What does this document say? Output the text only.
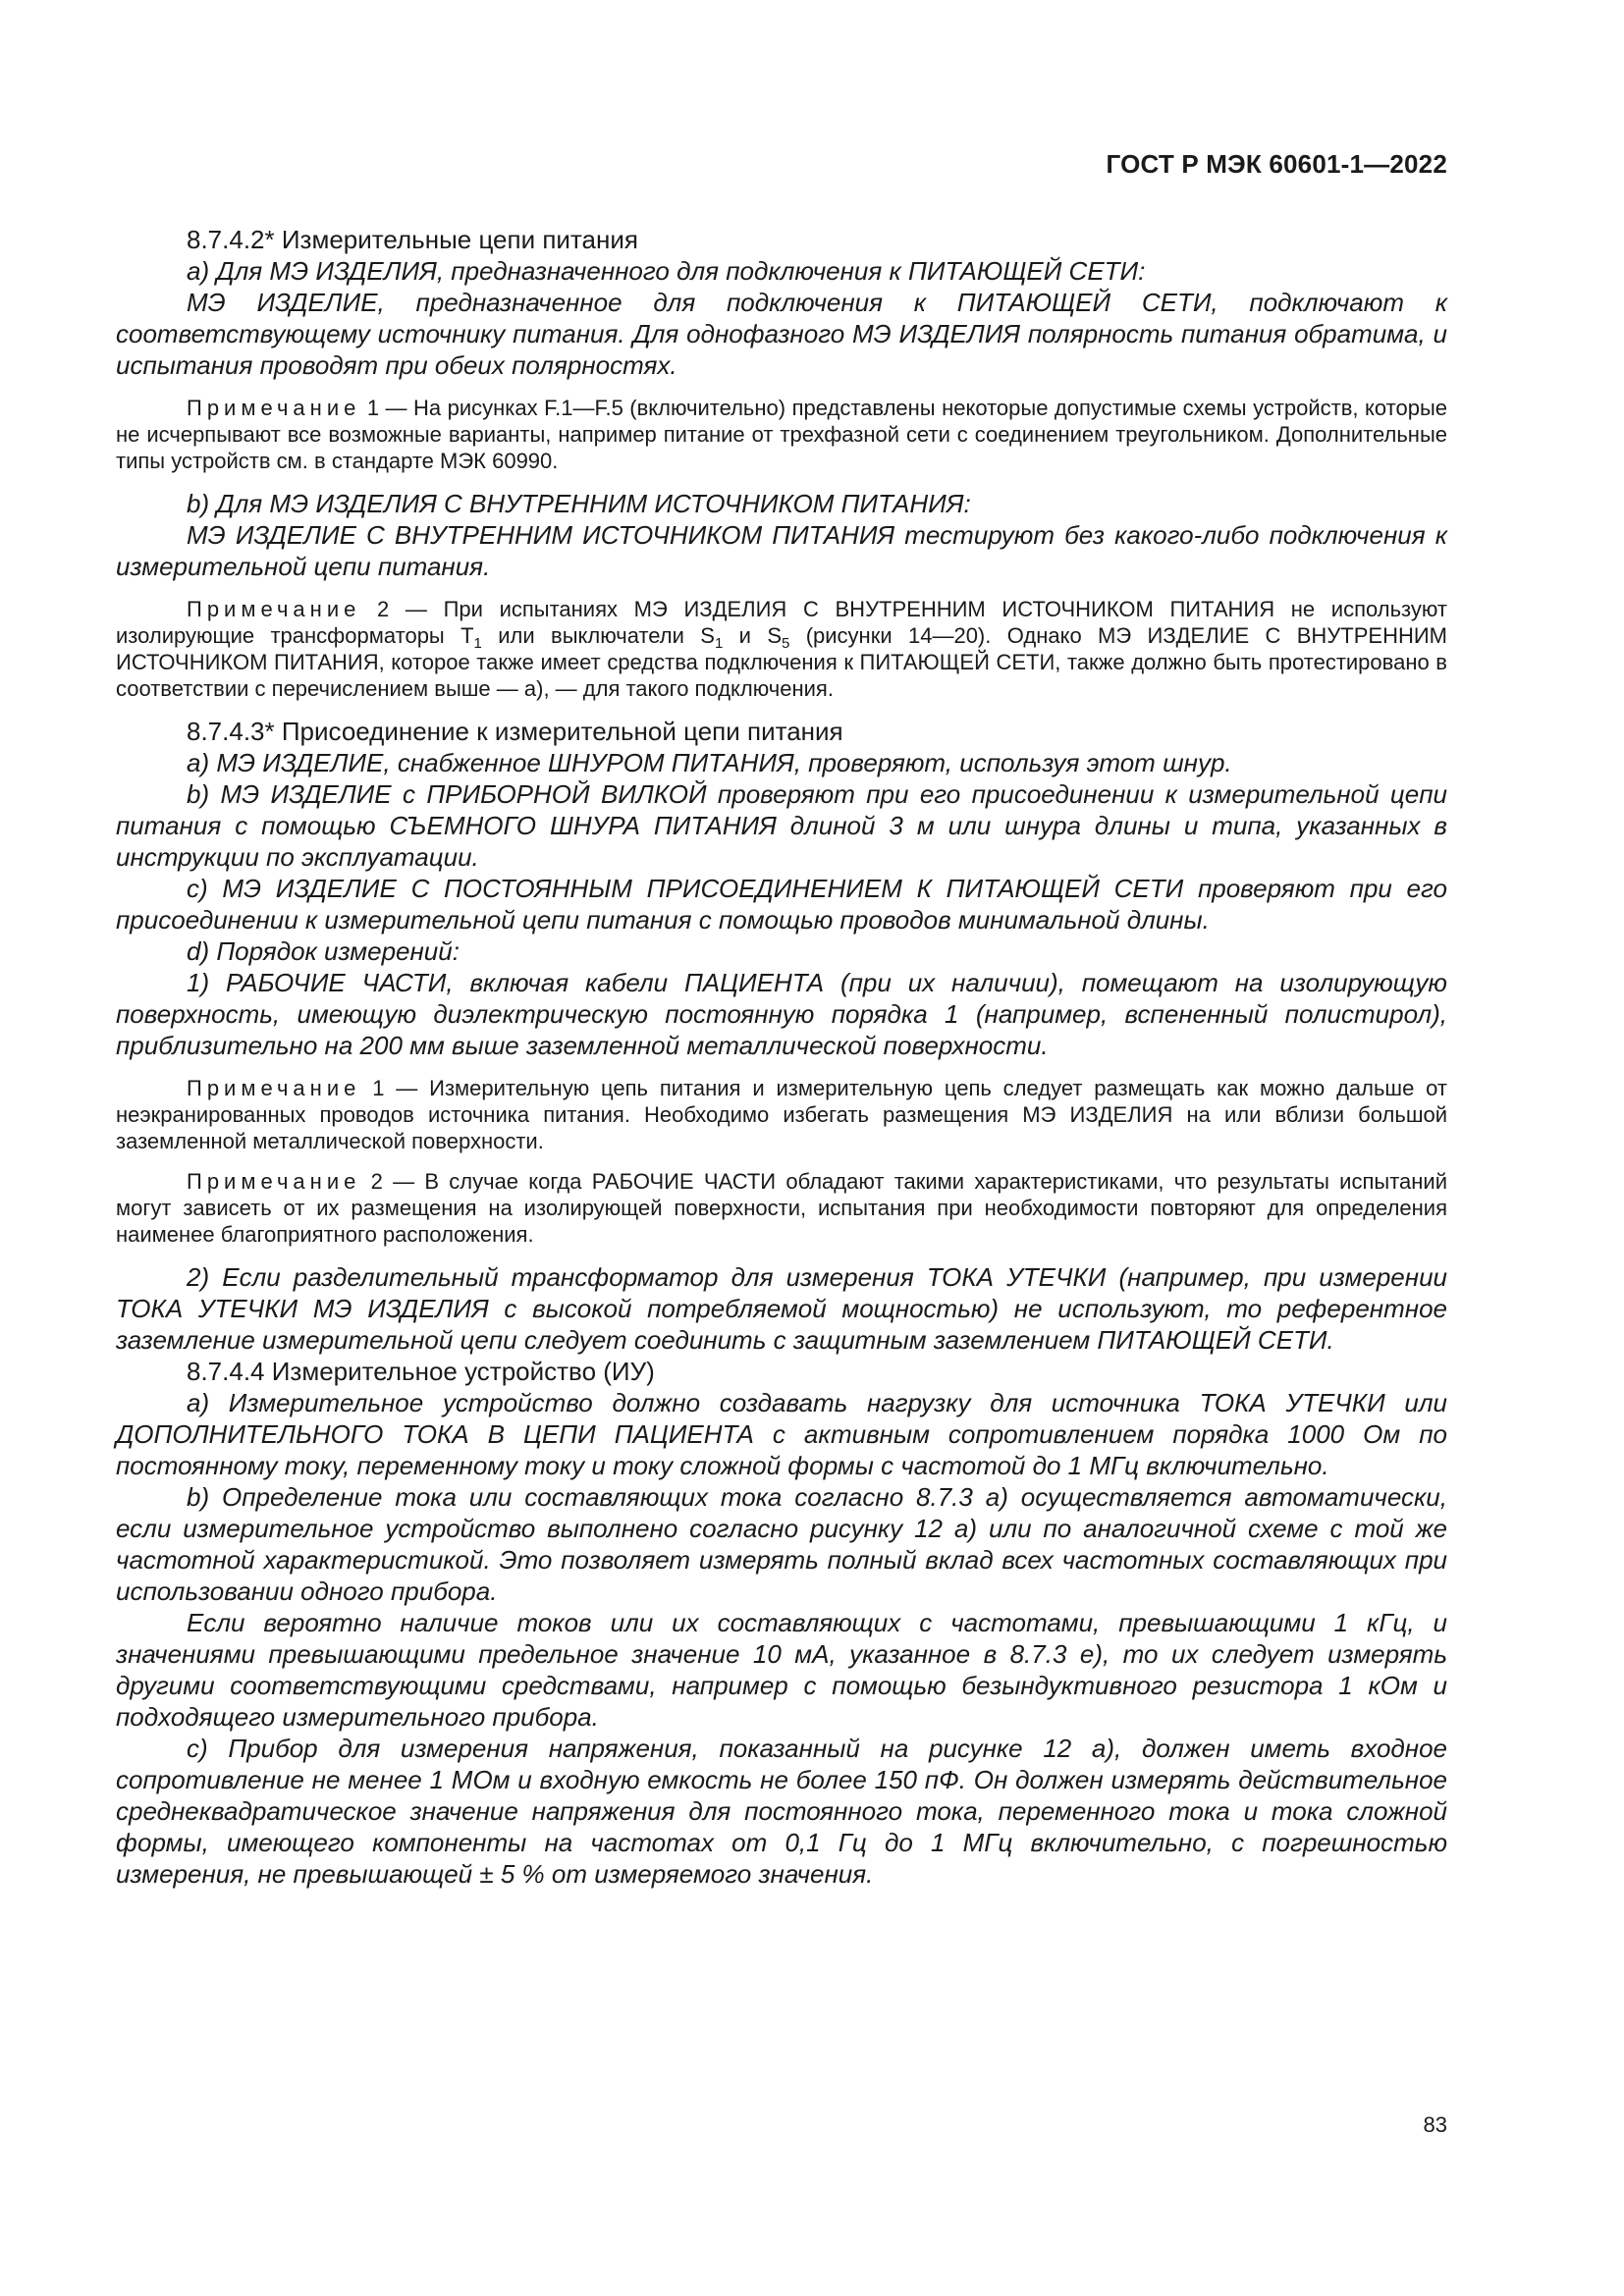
ГОСТ Р МЭК 60601-1—2022

8.7.4.2* Измерительные цепи питания

a) Для МЭ ИЗДЕЛИЯ, предназначенного для подключения к ПИТАЮЩЕЙ СЕТИ:

МЭ ИЗДЕЛИЕ, предназначенное для подключения к ПИТАЮЩЕЙ СЕТИ, подключают к соответствующему источнику питания. Для однофазного МЭ ИЗДЕЛИЯ полярность питания обратима, и испытания проводят при обеих полярностях.

Примечание 1 — На рисунках F.1—F.5 (включительно) представлены некоторые допустимые схемы устройств, которые не исчерпывают все возможные варианты, например питание от трехфазной сети с соединением треугольником. Дополнительные типы устройств см. в стандарте МЭК 60990.

b) Для МЭ ИЗДЕЛИЯ С ВНУТРЕННИМ ИСТОЧНИКОМ ПИТАНИЯ:

МЭ ИЗДЕЛИЕ С ВНУТРЕННИМ ИСТОЧНИКОМ ПИТАНИЯ тестируют без какого-либо подключения к измерительной цепи питания.

Примечание 2 — При испытаниях МЭ ИЗДЕЛИЯ С ВНУТРЕННИМ ИСТОЧНИКОМ ПИТАНИЯ не используют изолирующие трансформаторы $T_1$ или выключатели $S_1$ и $S_5$ (рисунки 14—20). Однако МЭ ИЗДЕЛИЕ С ВНУТРЕННИМ ИСТОЧНИКОМ ПИТАНИЯ, которое также имеет средства подключения к ПИТАЮЩЕЙ СЕТИ, также должно быть протестировано в соответствии с перечислением выше — a), — для такого подключения.

8.7.4.3* Присоединение к измерительной цепи питания

a) МЭ ИЗДЕЛИЕ, снабженное ШНУРОМ ПИТАНИЯ, проверяют, используя этот шнур.

b) МЭ ИЗДЕЛИЕ с ПРИБОРНОЙ ВИЛКОЙ проверяют при его присоединении к измерительной цепи питания с помощью СЪЕМНОГО ШНУРА ПИТАНИЯ длиной 3 м или шнура длины и типа, указанных в инструкции по эксплуатации.

c) МЭ ИЗДЕЛИЕ С ПОСТОЯННЫМ ПРИСОЕДИНЕНИЕМ К ПИТАЮЩЕЙ СЕТИ проверяют при его присоединении к измерительной цепи питания с помощью проводов минимальной длины.

d) Порядок измерений:

1) РАБОЧИЕ ЧАСТИ, включая кабели ПАЦИЕНТА (при их наличии), помещают на изолирующую поверхность, имеющую диэлектрическую постоянную порядка 1 (например, вспененный полистирол), приблизительно на 200 мм выше заземленной металлической поверхности.

Примечание 1 — Измерительную цепь питания и измерительную цепь следует размещать как можно дальше от неэкранированных проводов источника питания. Необходимо избегать размещения МЭ ИЗДЕЛИЯ на или вблизи большой заземленной металлической поверхности.

Примечание 2 — В случае когда РАБОЧИЕ ЧАСТИ обладают такими характеристиками, что результаты испытаний могут зависеть от их размещения на изолирующей поверхности, испытания при необходимости повторяют для определения наименее благоприятного расположения.

2) Если разделительный трансформатор для измерения ТОКА УТЕЧКИ (например, при измерении ТОКА УТЕЧКИ МЭ ИЗДЕЛИЯ с высокой потребляемой мощностью) не используют, то референтное заземление измерительной цепи следует соединить с защитным заземлением ПИТАЮЩЕЙ СЕТИ.

8.7.4.4 Измерительное устройство (ИУ)

a) Измерительное устройство должно создавать нагрузку для источника ТОКА УТЕЧКИ или ДОПОЛНИТЕЛЬНОГО ТОКА В ЦЕПИ ПАЦИЕНТА с активным сопротивлением порядка 1000 Ом по постоянному току, переменному току и току сложной формы с частотой до 1 МГц включительно.

b) Определение тока или составляющих тока согласно 8.7.3 a) осуществляется автоматически, если измерительное устройство выполнено согласно рисунку 12 a) или по аналогичной схеме с той же частотной характеристикой. Это позволяет измерять полный вклад всех частотных составляющих при использовании одного прибора.

Если вероятно наличие токов или их составляющих с частотами, превышающими 1 кГц, и значениями превышающими предельное значение 10 мА, указанное в 8.7.3 e), то их следует измерять другими соответствующими средствами, например с помощью безындуктивного резистора 1 кОм и подходящего измерительного прибора.

c) Прибор для измерения напряжения, показанный на рисунке 12 a), должен иметь входное сопротивление не менее 1 МОм и входную емкость не более 150 пФ. Он должен измерять действительное среднеквадратическое значение напряжения для постоянного тока, переменного тока и тока сложной формы, имеющего компоненты на частотах от 0,1 Гц до 1 МГц включительно, с погрешностью измерения, не превышающей ± 5 % от измеряемого значения.

83
